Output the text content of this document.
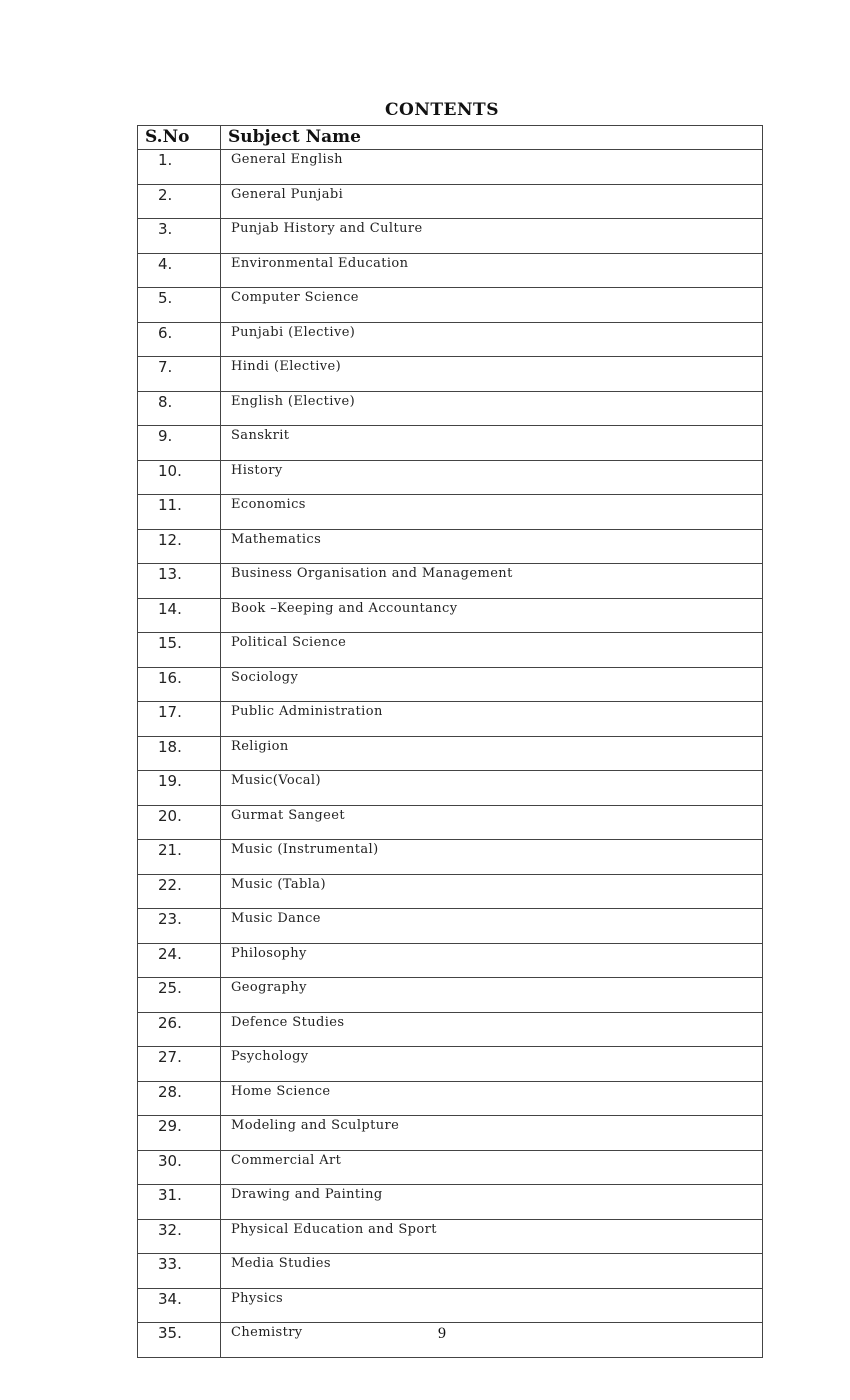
CONTENTS
S.No	Subject Name
1.	General English
2.	General Punjabi
3.	Punjab History and Culture
4.	Environmental Education
5.	Computer Science
6.	Punjabi (Elective)
7.	Hindi (Elective)
8.	English (Elective)
9.	Sanskrit
10.	History
11.	Economics
12.	Mathematics
13.	Business Organisation and Management
14.	Book –Keeping and Accountancy
15.	Political Science
16.	Sociology
17.	Public Administration
18.	Religion
19.	Music(Vocal)
20.	Gurmat Sangeet
21.	Music (Instrumental)
22.	Music (Tabla)
23.	Music Dance
24.	Philosophy
25.	Geography
26.	Defence Studies
27.	Psychology
28.	Home Science
29.	Modeling and Sculpture
30.	Commercial Art
31.	Drawing and Painting
32.	Physical Education and Sport
33.	Media Studies
34.	Physics
35.	Chemistry	9
